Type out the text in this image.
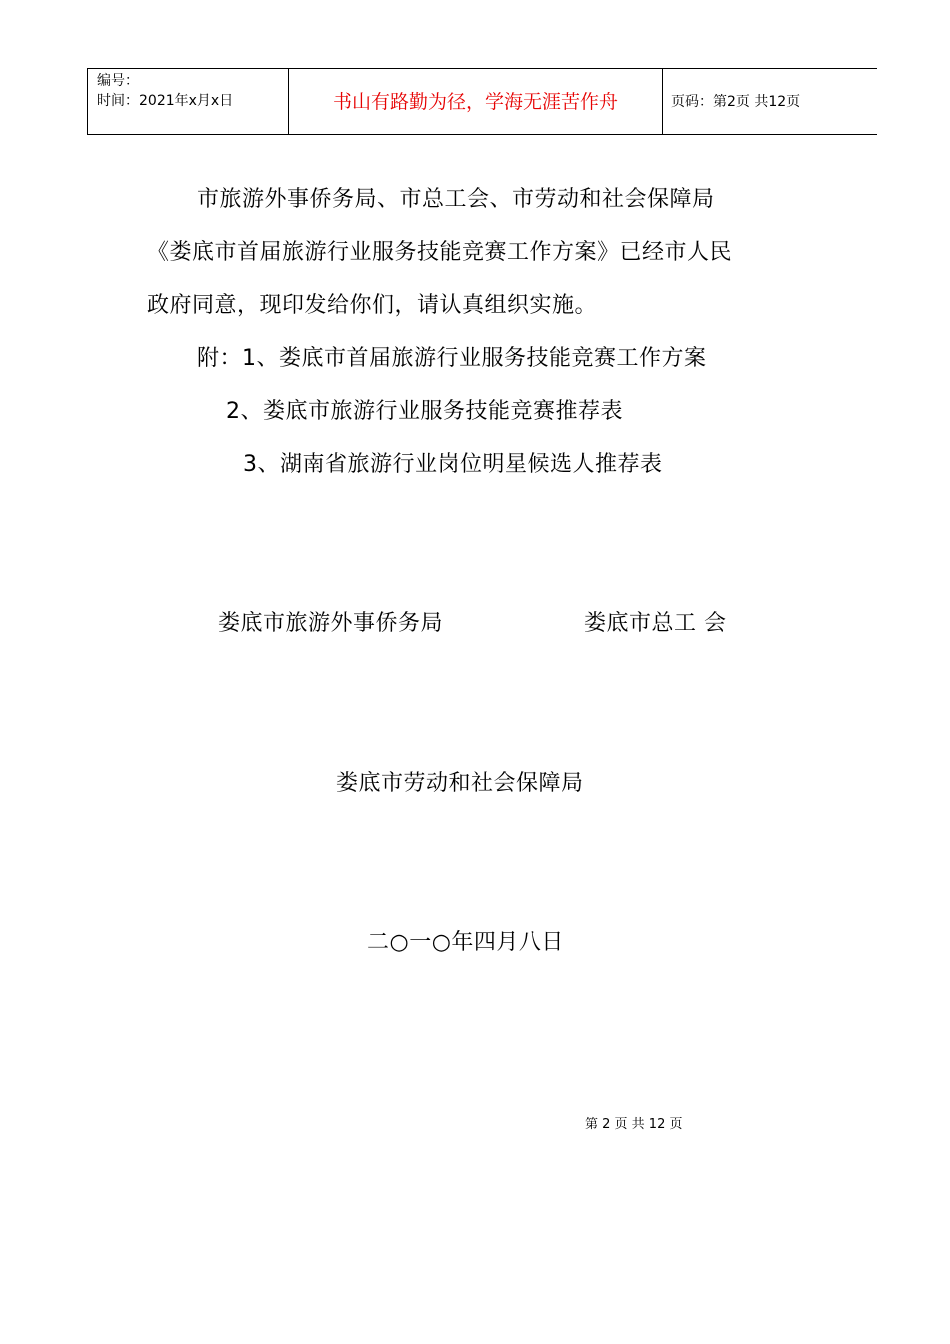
编号：
时间：2021年x月x日	书山有路勤为径，学海无涯苦作舟	页码：第2页 共12页
市旅游外事侨务局、市总工会、市劳动和社会保障局
《娄底市首届旅游行业服务技能竞赛工作方案》已经市人民
政府同意，现印发给你们，请认真组织实施。
附：1、娄底市首届旅游行业服务技能竞赛工作方案
2、娄底市旅游行业服务技能竞赛推荐表
3、湖南省旅游行业岗位明星候选人推荐表
娄底市旅游外事侨务局	娄底市总工 会
娄底市劳动和社会保障局
二○一○年四月八日
第 2 页 共 12 页
